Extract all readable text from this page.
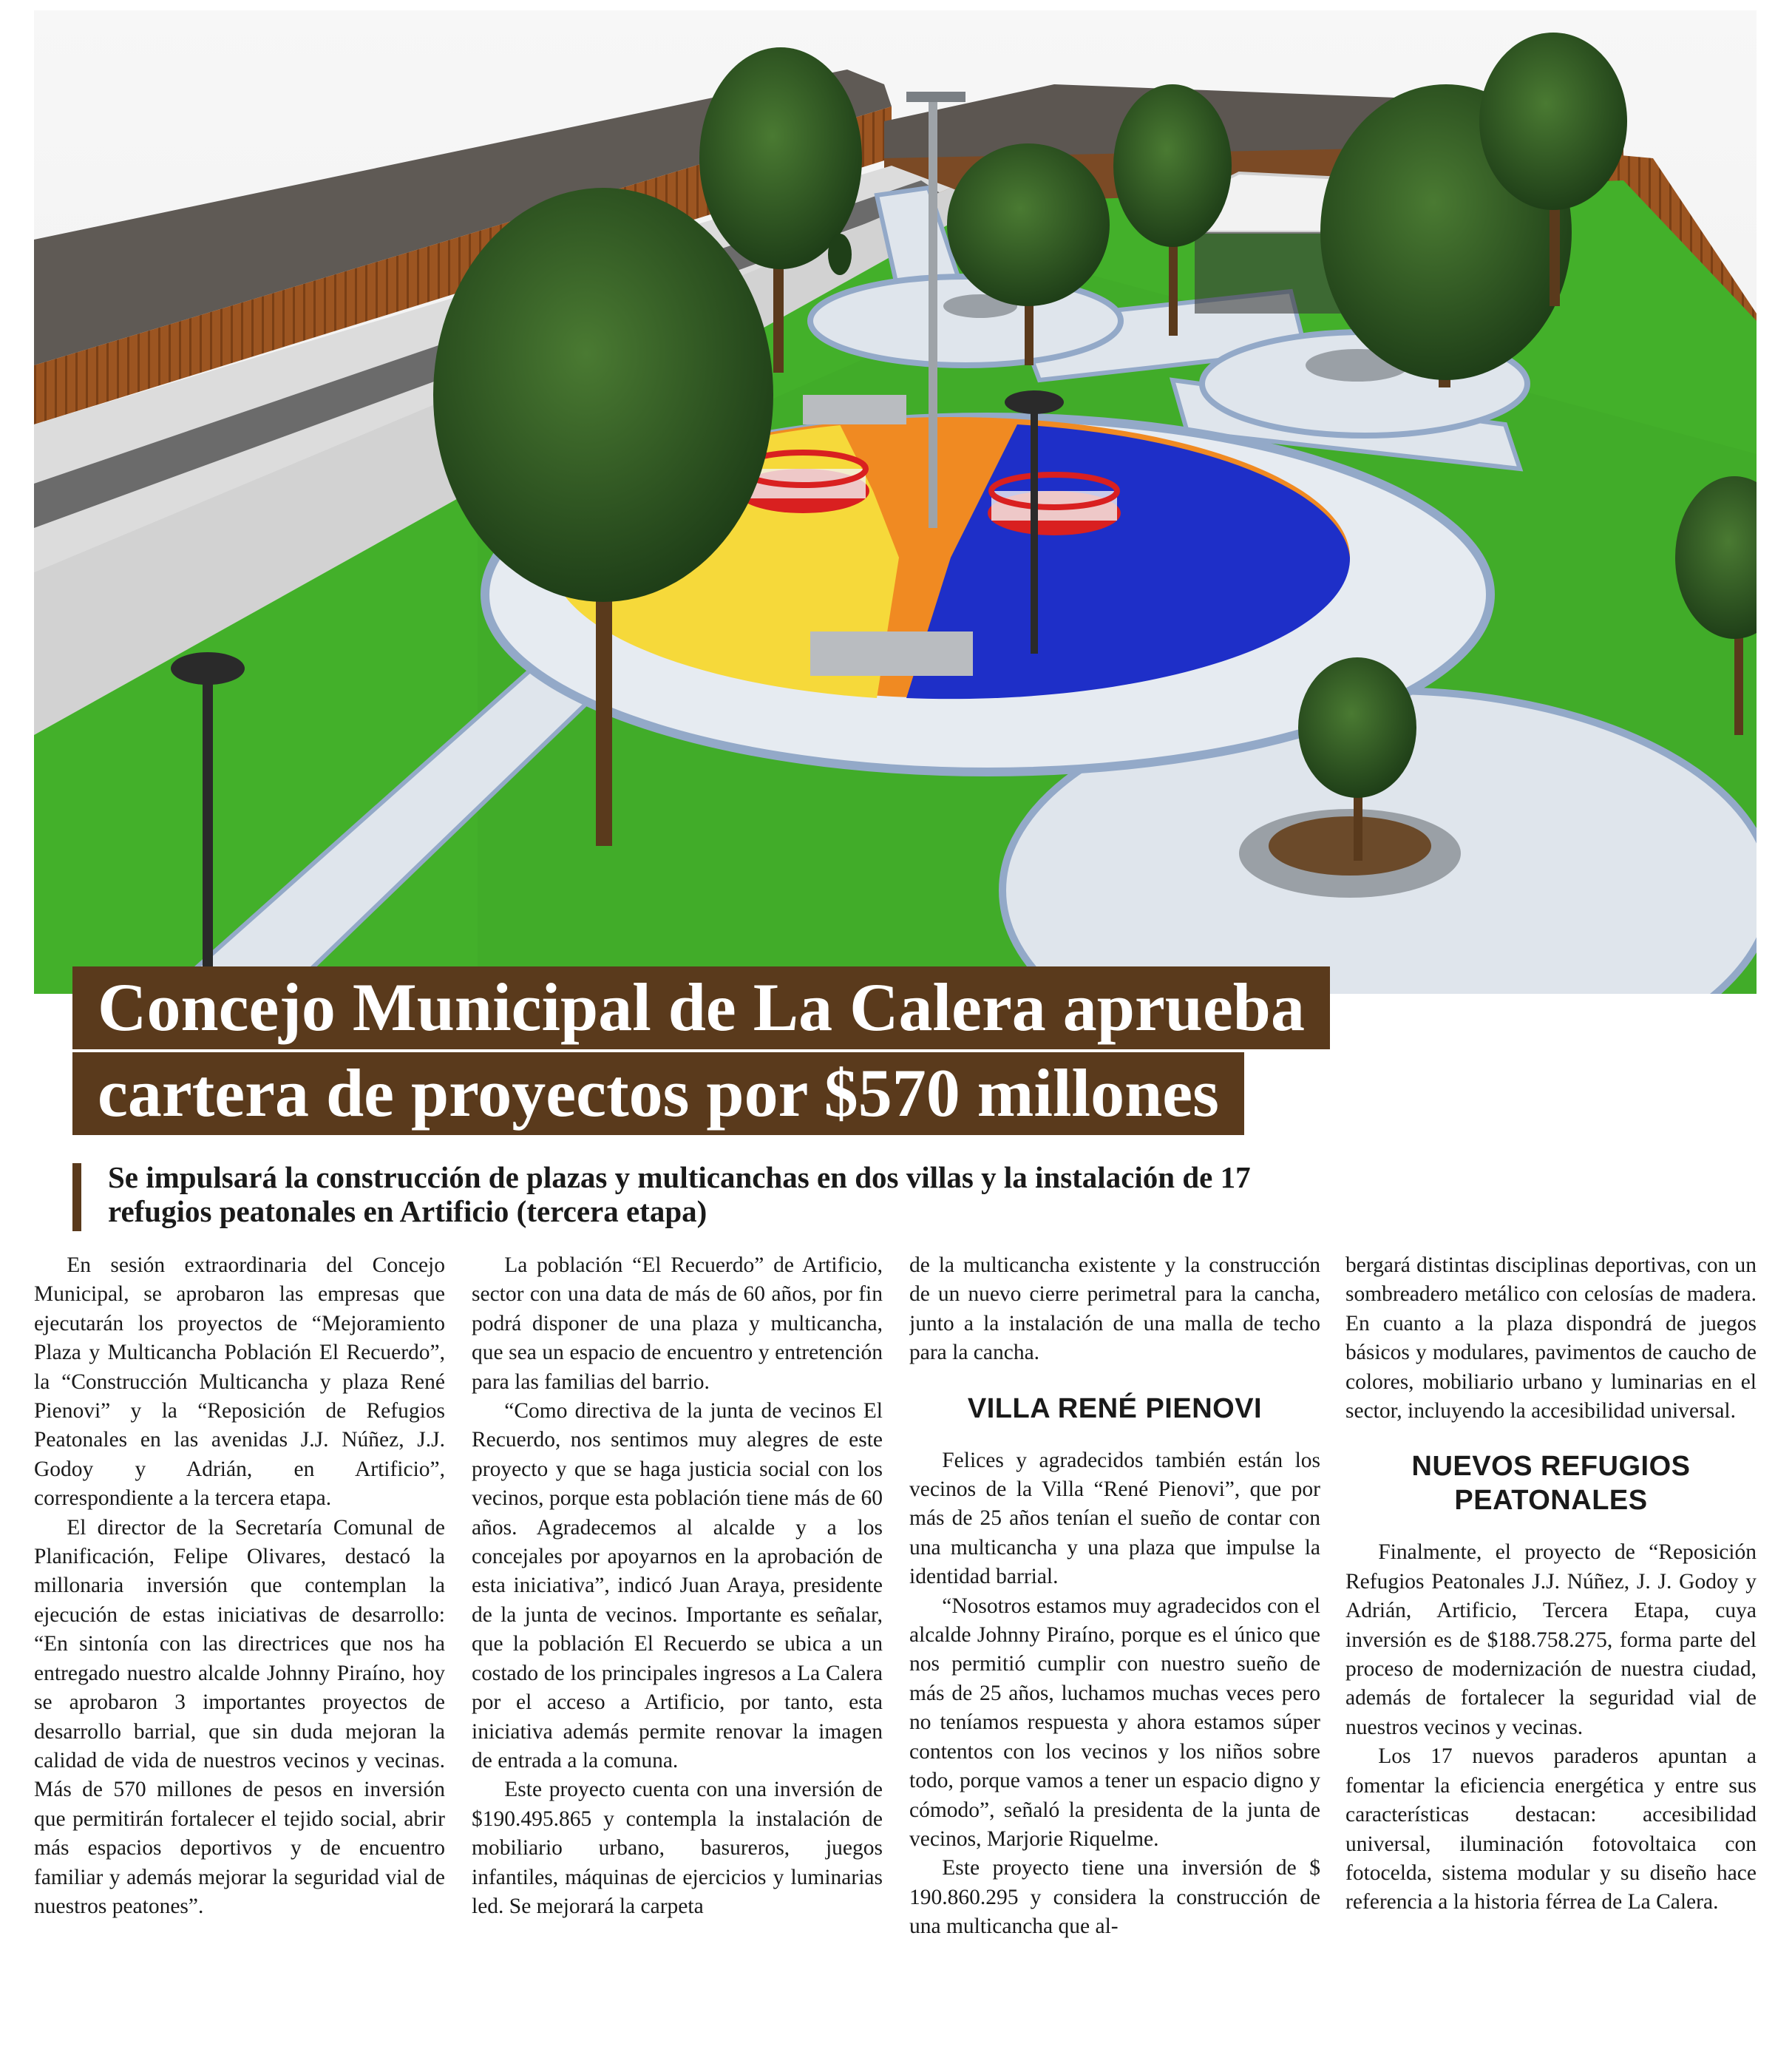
Concejo Municipal de La Calera aprueba
cartera de proyectos por $570 millones
Se impulsará la construcción de plazas y multicanchas en dos villas y la instalación de 17 refugios peatonales en Artificio (tercera etapa)

En sesión extraordinaria del Concejo Municipal, se aprobaron las empresas que ejecutarán los proyectos de “Mejoramiento Plaza y Multicancha Población El Recuerdo”, la “Construcción Multicancha y plaza René Pienovi” y la “Reposición de Refugios Peatonales en las avenidas J.J. Núñez, J.J. Godoy y Adrián, en Artificio”, correspondiente a la tercera etapa.

El director de la Secretaría Comunal de Planificación, Felipe Olivares, destacó la millonaria inversión que contemplan la ejecución de estas iniciativas de desarrollo: “En sintonía con las directrices que nos ha entregado nuestro alcalde Johnny Piraíno, hoy se aprobaron 3 importantes proyectos de desarrollo barrial, que sin duda mejoran la calidad de vida de nuestros vecinos y vecinas. Más de 570 millones de pesos en inversión que permitirán fortalecer el tejido social, abrir más espacios deportivos y de encuentro familiar y además mejorar la seguridad vial de nuestros peatones”.

La población “El Recuerdo” de Artificio, sector con una data de más de 60 años, por fin podrá disponer de una plaza y multicancha, que sea un espacio de encuentro y entretención para las familias del barrio.

“Como directiva de la junta de vecinos El Recuerdo, nos sentimos muy alegres de este proyecto y que se haga justicia social con los vecinos, porque esta población tiene más de 60 años. Agradecemos al alcalde y a los concejales por apoyarnos en la aprobación de esta iniciativa”, indicó Juan Araya, presidente de la junta de vecinos. Importante es señalar, que la población El Recuerdo se ubica a un costado de los principales ingresos a La Calera por el acceso a Artificio, por tanto, esta iniciativa además permite renovar la imagen de entrada a la comuna.

Este proyecto cuenta con una inversión de $190.495.865 y contempla la instalación de mobiliario urbano, basureros, juegos infantiles, máquinas de ejercicios y luminarias led. Se mejorará la carpeta

de la multicancha existente y la construcción de un nuevo cierre perimetral para la cancha, junto a la instalación de una malla de techo para la cancha.

VILLA RENÉ PIENOVI

Felices y agradecidos también están los vecinos de la Villa “René Pienovi”, que por más de 25 años tenían el sueño de contar con una multicancha y una plaza que impulse la identidad barrial.

“Nosotros estamos muy agradecidos con el alcalde Johnny Piraíno, porque es el único que nos permitió cumplir con nuestro sueño de más de 25 años, luchamos muchas veces pero no teníamos respuesta y ahora estamos súper contentos con los vecinos y los niños sobre todo, porque vamos a tener un espacio digno y cómodo”, señaló la presidenta de la junta de vecinos, Marjorie Riquelme.

Este proyecto tiene una inversión de $ 190.860.295 y considera la construcción de una multicancha que al-

bergará distintas disciplinas deportivas, con un sombreadero metálico con celosías de madera. En cuanto a la plaza dispondrá de juegos básicos y modulares, pavimentos de caucho de colores, mobiliario urbano y luminarias en el sector, incluyendo la accesibilidad universal.

NUEVOS REFUGIOS PEATONALES

Finalmente, el proyecto de “Reposición Refugios Peatonales J.J. Núñez, J. J. Godoy y Adrián, Artificio, Tercera Etapa, cuya inversión es de $188.758.275, forma parte del proceso de modernización de nuestra ciudad, además de fortalecer la seguridad vial de nuestros vecinos y vecinas.

Los 17 nuevos paraderos apuntan a fomentar la eficiencia energética y entre sus características destacan: accesibilidad universal, iluminación fotovoltaica con fotocelda, sistema modular y su diseño hace referencia a la historia férrea de La Calera.
